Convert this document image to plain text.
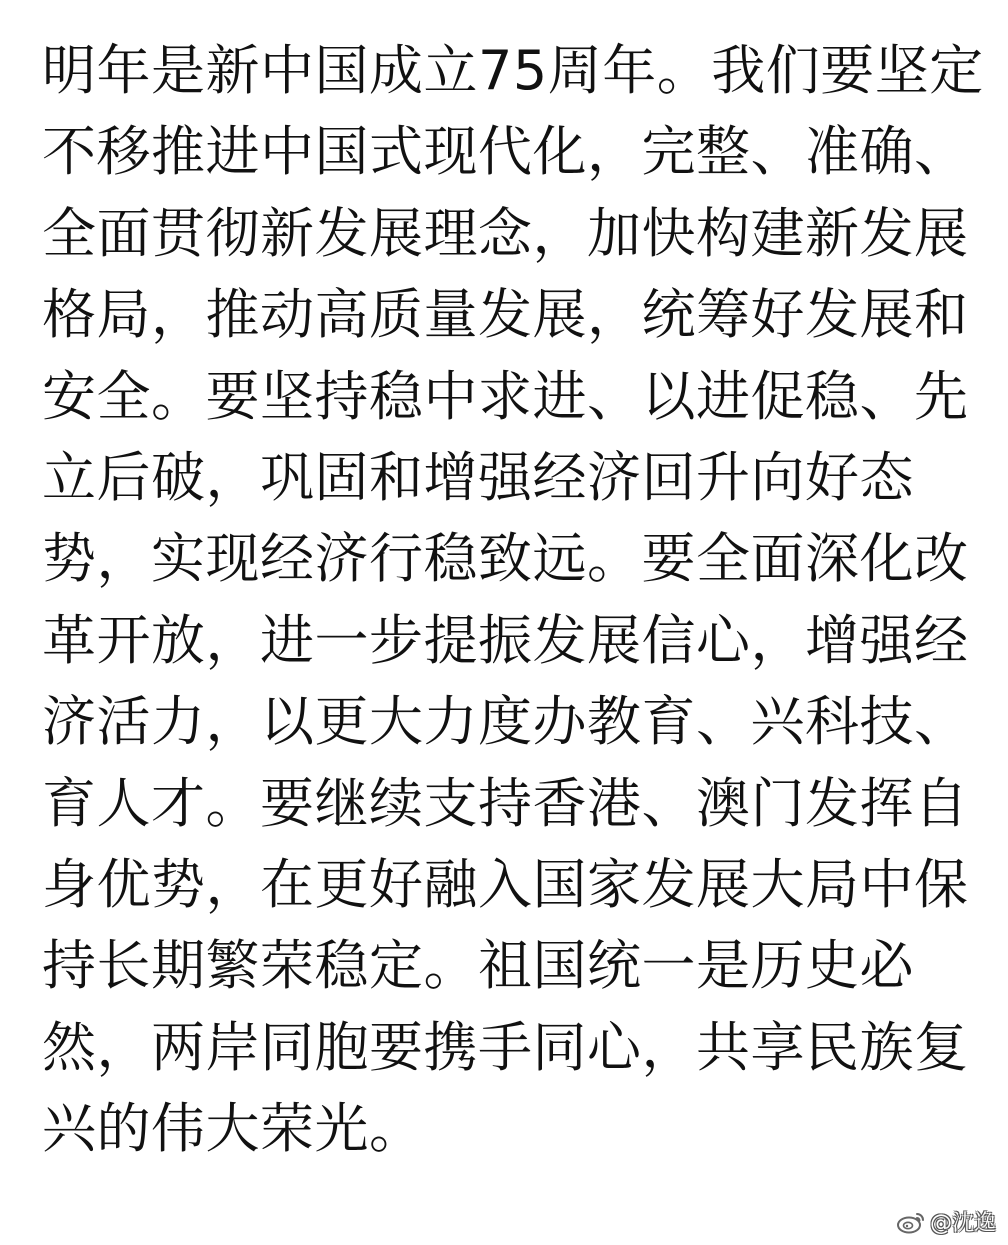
明年是新中国成立75周年。我们要坚定
不移推进中国式现代化，完整、准确、
全面贯彻新发展理念，加快构建新发展
格局，推动高质量发展，统筹好发展和
安全。要坚持稳中求进、以进促稳、先
立后破，巩固和增强经济回升向好态
势，实现经济行稳致远。要全面深化改
革开放，进一步提振发展信心，增强经
济活力，以更大力度办教育、兴科技、
育人才。要继续支持香港、澳门发挥自
身优势，在更好融入国家发展大局中保
持长期繁荣稳定。祖国统一是历史必
然，两岸同胞要携手同心，共享民族复
兴的伟大荣光。
@沈逸
